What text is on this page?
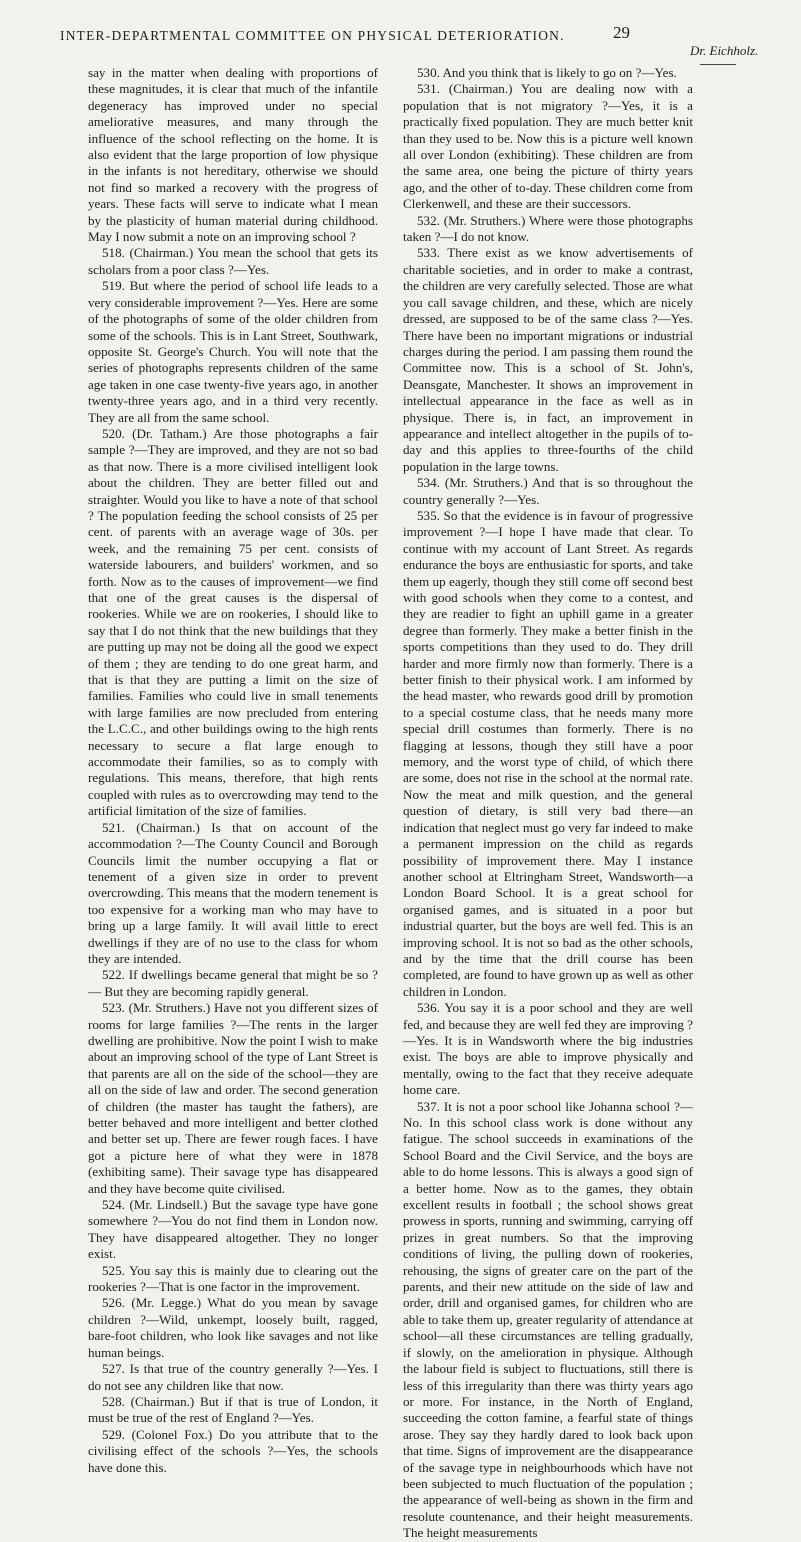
INTER-DEPARTMENTAL COMMITTEE ON PHYSICAL DETERIORATION.	29
Dr. Eichholz.

say in the matter when dealing with proportions of these magnitudes, it is clear that much of the infantile degeneracy has improved under no special ameliorative measures, and many through the influence of the school reflecting on the home. It is also evident that the large proportion of low physique in the infants is not hereditary, otherwise we should not find so marked a recovery with the progress of years. These facts will serve to indicate what I mean by the plasticity of human material during childhood. May I now submit a note on an improving school ?

518. (Chairman.) You mean the school that gets its scholars from a poor class ?—Yes.

519. But where the period of school life leads to a very considerable improvement ?—Yes. Here are some of the photographs of some of the older children from some of the schools. This is in Lant Street, Southwark, opposite St. George's Church. You will note that the series of photographs represents children of the same age taken in one case twenty-five years ago, in another twenty-three years ago, and in a third very recently. They are all from the same school.

520. (Dr. Tatham.) Are those photographs a fair sample ?—They are improved, and they are not so bad as that now. There is a more civilised intelligent look about the children. They are better filled out and straighter. Would you like to have a note of that school ? The population feeding the school consists of 25 per cent. of parents with an average wage of 30s. per week, and the remaining 75 per cent. consists of waterside labourers, and builders' workmen, and so forth. Now as to the causes of improvement—we find that one of the great causes is the dispersal of rookeries. While we are on rookeries, I should like to say that I do not think that the new buildings that they are putting up may not be doing all the good we expect of them ; they are tending to do one great harm, and that is that they are putting a limit on the size of families. Families who could live in small tenements with large families are now precluded from entering the L.C.C., and other buildings owing to the high rents necessary to secure a flat large enough to accommodate their families, so as to comply with regulations. This means, therefore, that high rents coupled with rules as to overcrowding may tend to the artificial limitation of the size of families.

521. (Chairman.) Is that on account of the accommodation ?—The County Council and Borough Councils limit the number occupying a flat or tenement of a given size in order to prevent overcrowding. This means that the modern tenement is too expensive for a working man who may have to bring up a large family. It will avail little to erect dwellings if they are of no use to the class for whom they are intended.

522. If dwellings became general that might be so ?— But they are becoming rapidly general.

523. (Mr. Struthers.) Have not you different sizes of rooms for large families ?—The rents in the larger dwelling are prohibitive. Now the point I wish to make about an improving school of the type of Lant Street is that parents are all on the side of the school—they are all on the side of law and order. The second generation of children (the master has taught the fathers), are better behaved and more intelligent and better clothed and better set up. There are fewer rough faces. I have got a picture here of what they were in 1878 (exhibiting same). Their savage type has disappeared and they have become quite civilised.

524. (Mr. Lindsell.) But the savage type have gone somewhere ?—You do not find them in London now. They have disappeared altogether. They no longer exist.

525. You say this is mainly due to clearing out the rookeries ?—That is one factor in the improvement.

526. (Mr. Legge.) What do you mean by savage children ?—Wild, unkempt, loosely built, ragged, bare-foot children, who look like savages and not like human beings.

527. Is that true of the country generally ?—Yes. I do not see any children like that now.

528. (Chairman.) But if that is true of London, it must be true of the rest of England ?—Yes.

529. (Colonel Fox.) Do you attribute that to the civilising effect of the schools ?—Yes, the schools have done this.

530. And you think that is likely to go on ?—Yes.

531. (Chairman.) You are dealing now with a population that is not migratory ?—Yes, it is a practically fixed population. They are much better knit than they used to be. Now this is a picture well known all over London (exhibiting). These children are from the same area, one being the picture of thirty years ago, and the other of to-day. These children come from Clerkenwell, and these are their successors.

532. (Mr. Struthers.) Where were those photographs taken ?—I do not know.

533. There exist as we know advertisements of charitable societies, and in order to make a contrast, the children are very carefully selected. Those are what you call savage children, and these, which are nicely dressed, are supposed to be of the same class ?—Yes. There have been no important migrations or industrial charges during the period. I am passing them round the Committee now. This is a school of St. John's, Deansgate, Manchester. It shows an improvement in intellectual appearance in the face as well as in physique. There is, in fact, an improvement in appearance and intellect altogether in the pupils of to-day and this applies to three-fourths of the child population in the large towns.

534. (Mr. Struthers.) And that is so throughout the country generally ?—Yes.

535. So that the evidence is in favour of progressive improvement ?—I hope I have made that clear. To continue with my account of Lant Street. As regards endurance the boys are enthusiastic for sports, and take them up eagerly, though they still come off second best with good schools when they come to a contest, and they are readier to fight an uphill game in a greater degree than formerly. They make a better finish in the sports competitions than they used to do. They drill harder and more firmly now than formerly. There is a better finish to their physical work. I am informed by the head master, who rewards good drill by promotion to a special costume class, that he needs many more special drill costumes than formerly. There is no flagging at lessons, though they still have a poor memory, and the worst type of child, of which there are some, does not rise in the school at the normal rate. Now the meat and milk question, and the general question of dietary, is still very bad there—an indication that neglect must go very far indeed to make a permanent impression on the child as regards possibility of improvement there. May I instance another school at Eltringham Street, Wandsworth—a London Board School. It is a great school for organised games, and is situated in a poor but industrial quarter, but the boys are well fed. This is an improving school. It is not so bad as the other schools, and by the time that the drill course has been completed, are found to have grown up as well as other children in London.

536. You say it is a poor school and they are well fed, and because they are well fed they are improving ?—Yes. It is in Wandsworth where the big industries exist. The boys are able to improve physically and mentally, owing to the fact that they receive adequate home care.

537. It is not a poor school like Johanna school ?—No. In this school class work is done without any fatigue. The school succeeds in examinations of the School Board and the Civil Service, and the boys are able to do home lessons. This is always a good sign of a better home. Now as to the games, they obtain excellent results in football ; the school shows great prowess in sports, running and swimming, carrying off prizes in great numbers. So that the improving conditions of living, the pulling down of rookeries, rehousing, the signs of greater care on the part of the parents, and their new attitude on the side of law and order, drill and organised games, for children who are able to take them up, greater regularity of attendance at school—all these circumstances are telling gradually, if slowly, on the amelioration in physique. Although the labour field is subject to fluctuations, still there is less of this irregularity than there was thirty years ago or more. For instance, in the North of England, succeeding the cotton famine, a fearful state of things arose. They say they hardly dared to look back upon that time. Signs of improvement are the disappearance of the savage type in neighbourhoods which have not been subjected to much fluctuation of the population ; the appearance of well-being as shown in the firm and resolute countenance, and their height measurements. The height measurements
